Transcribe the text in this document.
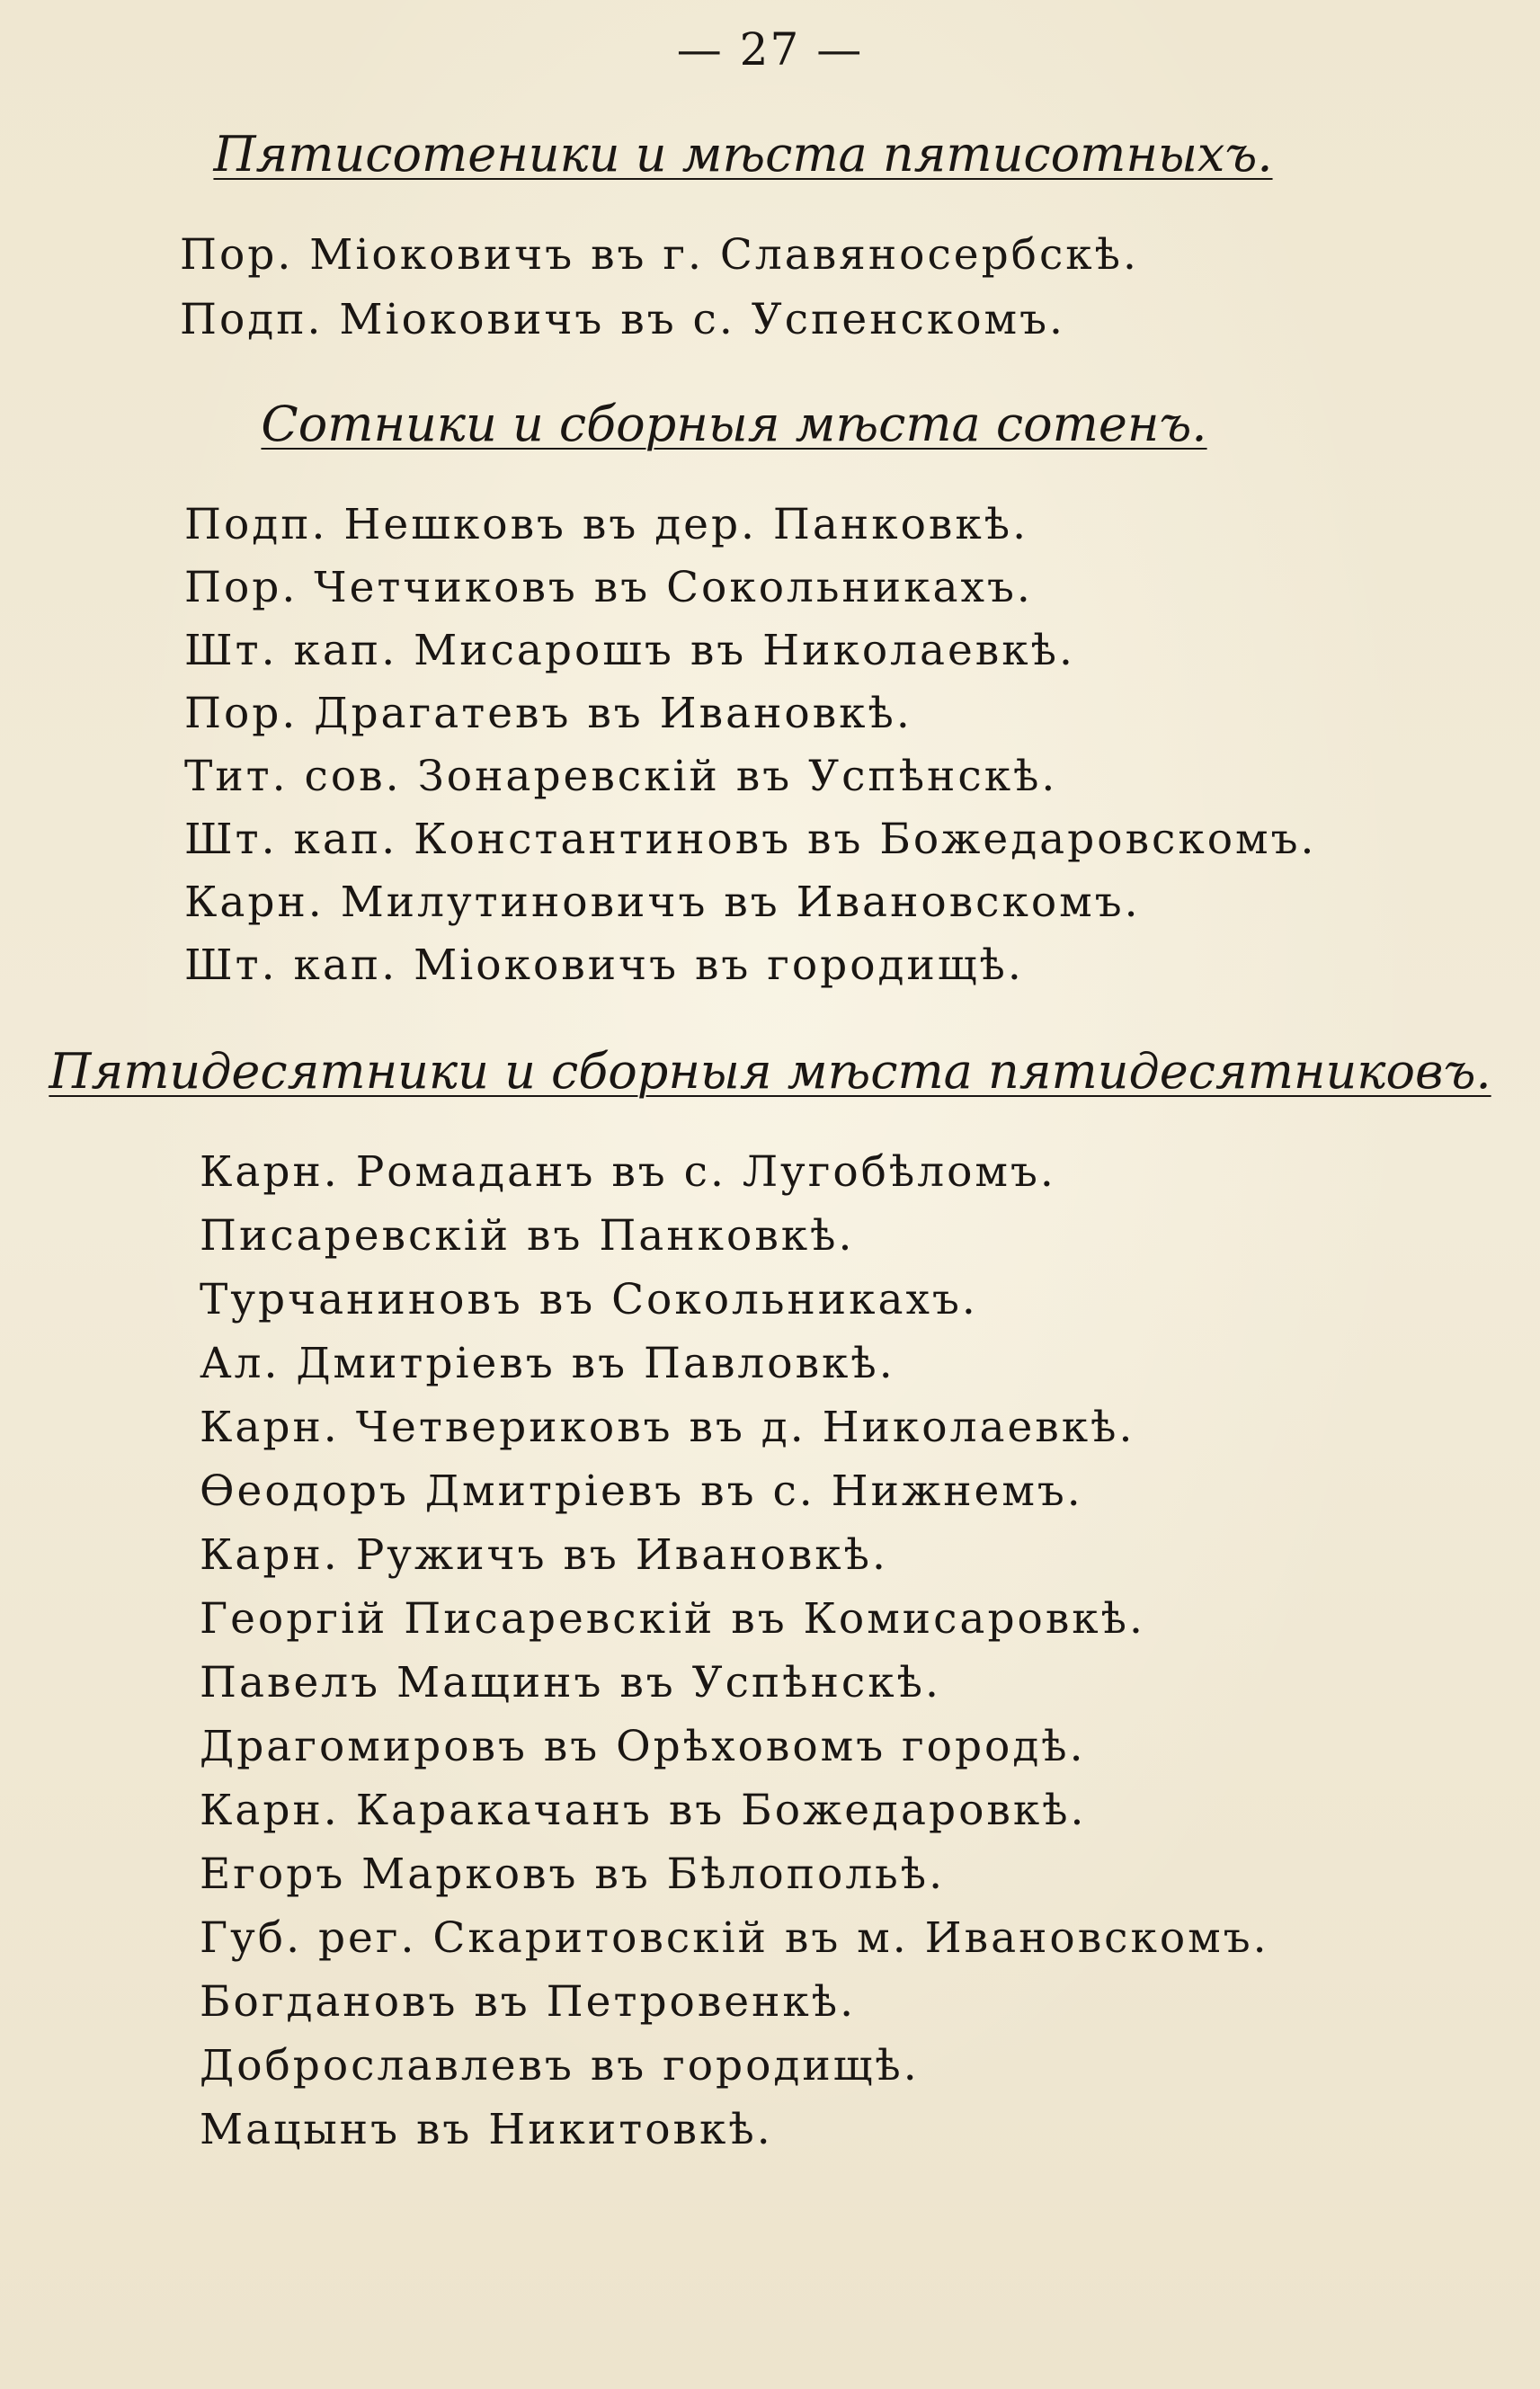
— 27 —
Пятисотеники и мѣста пятисотныхъ.
Пор. Міоковичъ въ г. Славяносербскѣ.
Подп. Міоковичъ въ с. Успенскомъ.
Сотники и сборныя мѣста сотенъ.
Подп. Нешковъ въ дер. Панковкѣ.
Пор. Четчиковъ въ Сокольникахъ.
Шт. кап. Мисарошъ въ Николаевкѣ.
Пор. Драгатевъ въ Ивановкѣ.
Тит. сов. Зонаревскій въ Успѣнскѣ.
Шт. кап. Константиновъ въ Божедаровскомъ.
Карн. Милутиновичъ въ Ивановскомъ.
Шт. кап. Міоковичъ въ городищѣ.
Пятидесятники и сборныя мѣста пятидесятниковъ.
Карн. Ромаданъ въ с. Лугобѣломъ.
Писаревскій въ Панковкѣ.
Турчаниновъ въ Сокольникахъ.
Ал. Дмитріевъ въ Павловкѣ.
Карн. Четвериковъ въ д. Николаевкѣ.
Ѳеодоръ Дмитріевъ въ с. Нижнемъ.
Карн. Ружичъ въ Ивановкѣ.
Георгій Писаревскій въ Комисаровкѣ.
Павелъ Мащинъ въ Успѣнскѣ.
Драгомировъ въ Орѣховомъ городѣ.
Карн. Каракачанъ въ Божедаровкѣ.
Егоръ Марковъ въ Бѣлопольѣ.
Губ. рег. Скаритовскій въ м. Ивановскомъ.
Богдановъ въ Петровенкѣ.
Доброславлевъ въ городищѣ.
Мацынъ въ Никитовкѣ.
